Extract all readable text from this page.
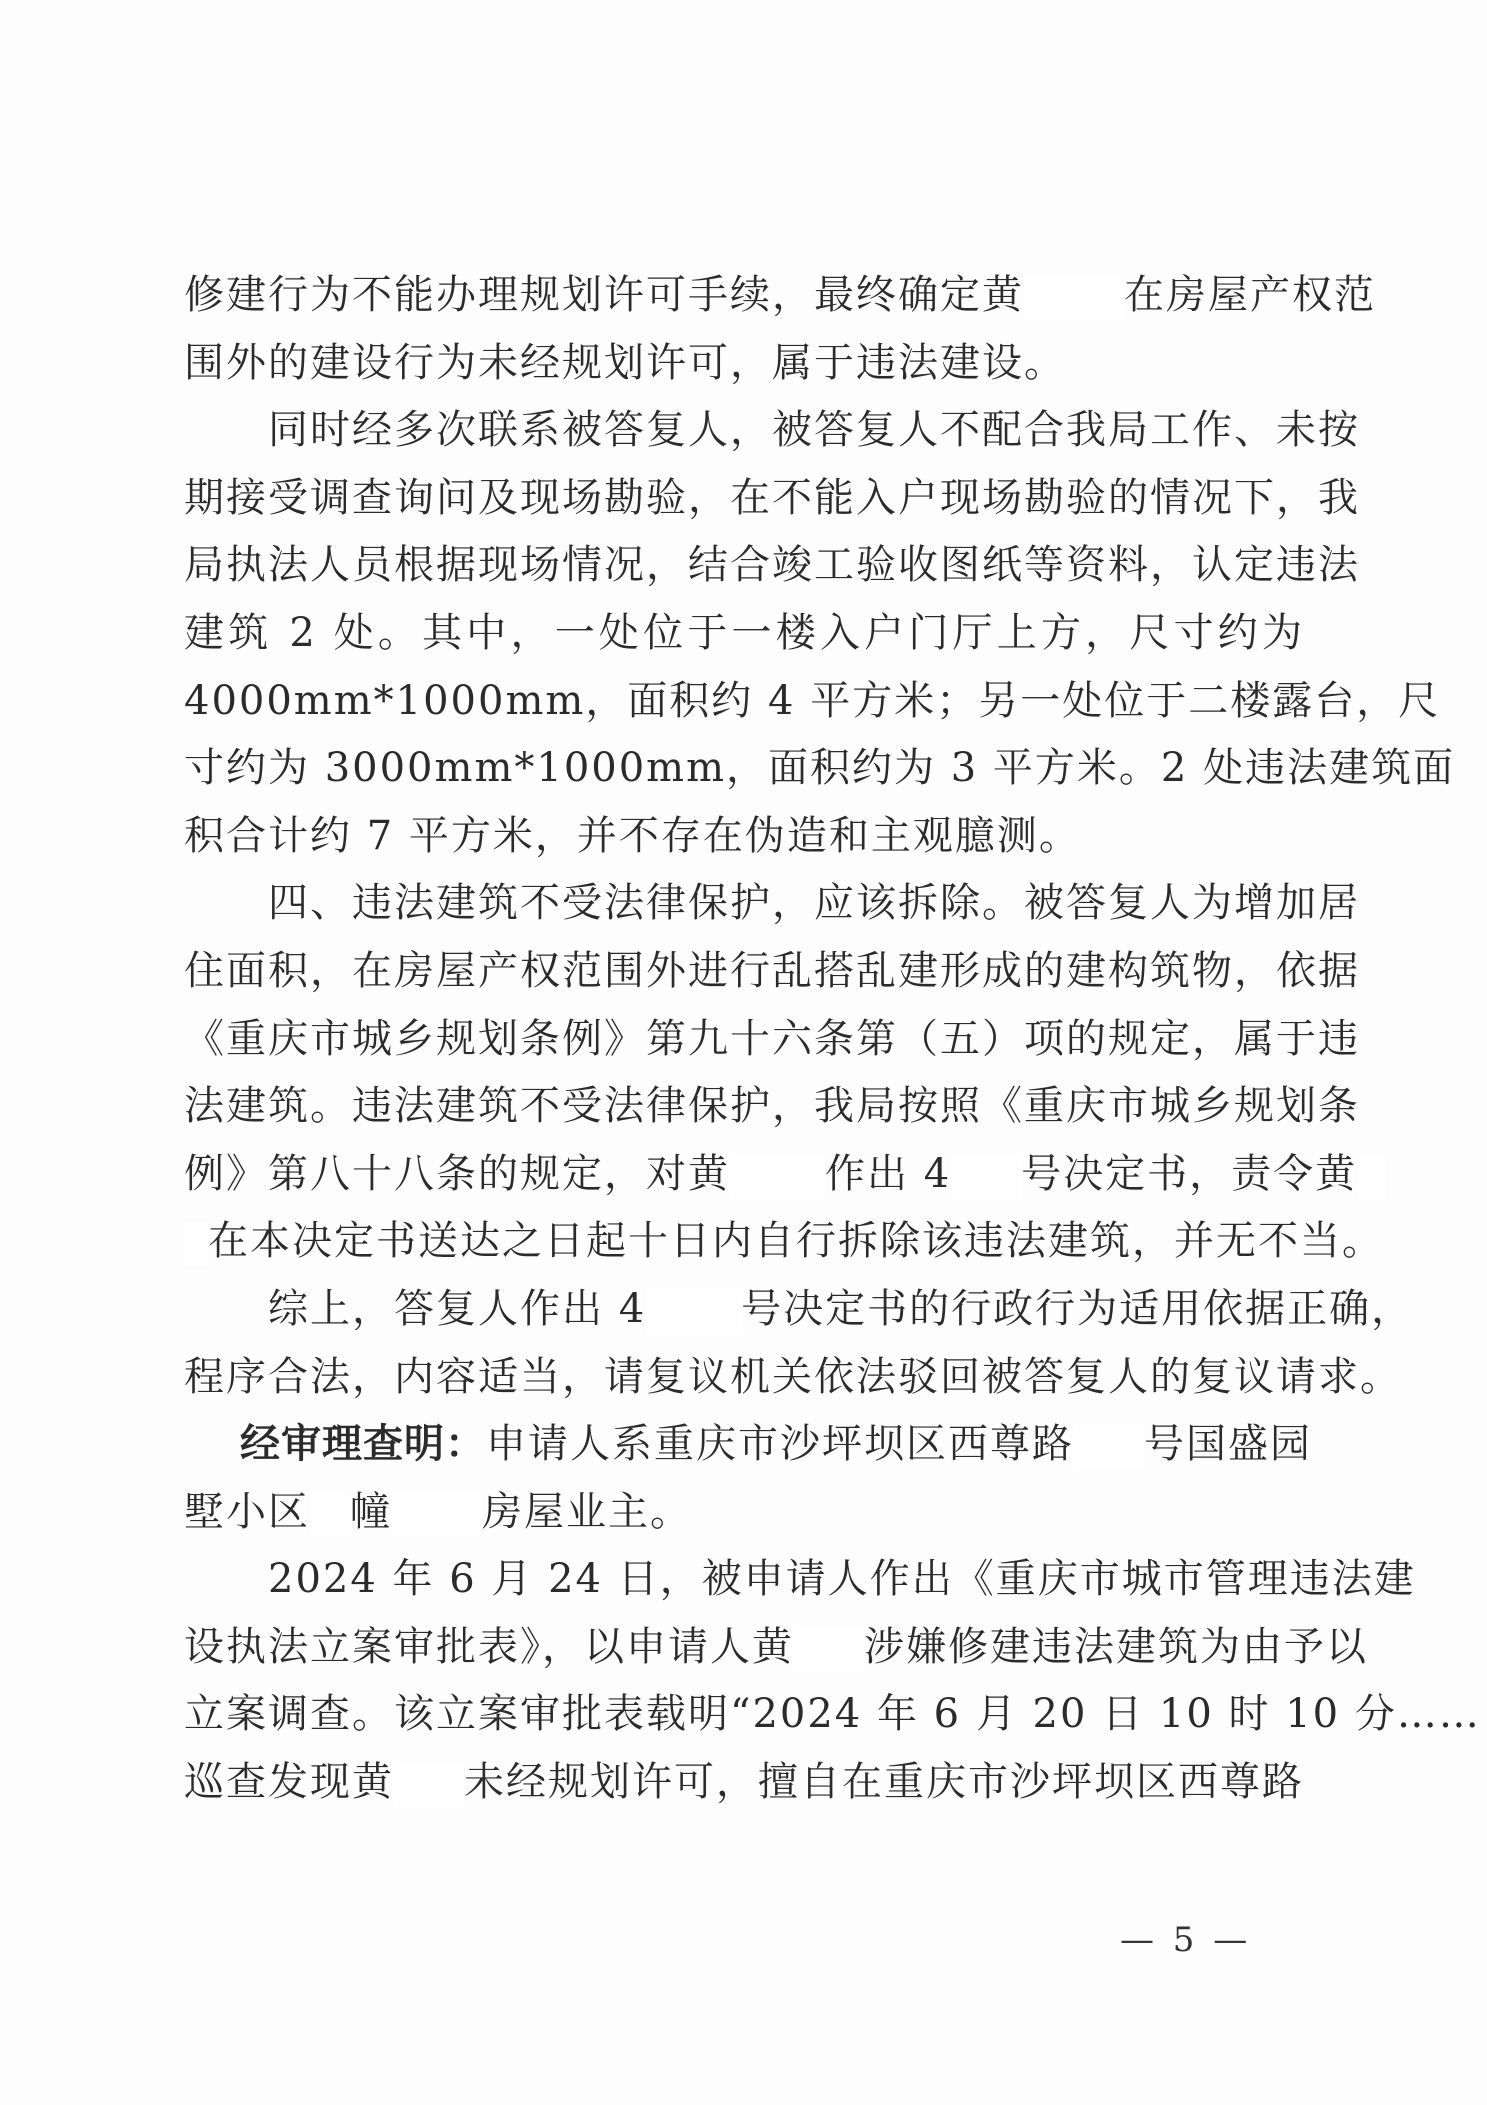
修建行为不能办理规划许可手续，最终确定黄	在房屋产权范
围外的建设行为未经规划许可，属于违法建设。
　　同时经多次联系被答复人，被答复人不配合我局工作、未按
期接受调查询问及现场勘验，在不能入户现场勘验的情况下，我
局执法人员根据现场情况，结合竣工验收图纸等资料，认定违法
建筑 2 处。其中，一处位于一楼入户门厅上方，尺寸约为
4000mm*1000mm，面积约 4 平方米；另一处位于二楼露台，尺
寸约为 3000mm*1000mm，面积约为 3 平方米。2 处违法建筑面
积合计约 7 平方米，并不存在伪造和主观臆测。
　　四、违法建筑不受法律保护，应该拆除。被答复人为增加居
住面积，在房屋产权范围外进行乱搭乱建形成的建构筑物，依据
《重庆市城乡规划条例》第九十六条第（五）项的规定，属于违
法建筑。违法建筑不受法律保护，我局按照《重庆市城乡规划条
例》第八十八条的规定，对黄 作出 4 号决定书，责令黄
在本决定书送达之日起十日内自行拆除该违法建筑，并无不当。
　　综上，答复人作出 4 号决定书的行政行为适用依据正确，
程序合法，内容适当，请复议机关依法驳回被答复人的复议请求。
经审理查明：申请人系重庆市沙坪坝区西尊路 号国盛园
墅小区 幢 房屋业主。
　　2024 年 6 月 24 日，被申请人作出《重庆市城市管理违法建
设执法立案审批表》，以申请人黄 涉嫌修建违法建筑为由予以
立案调查。该立案审批表载明“2024 年 6 月 20 日 10 时 10 分……
巡查发现黄 未经规划许可，擅自在重庆市沙坪坝区西尊路
— 5 —
